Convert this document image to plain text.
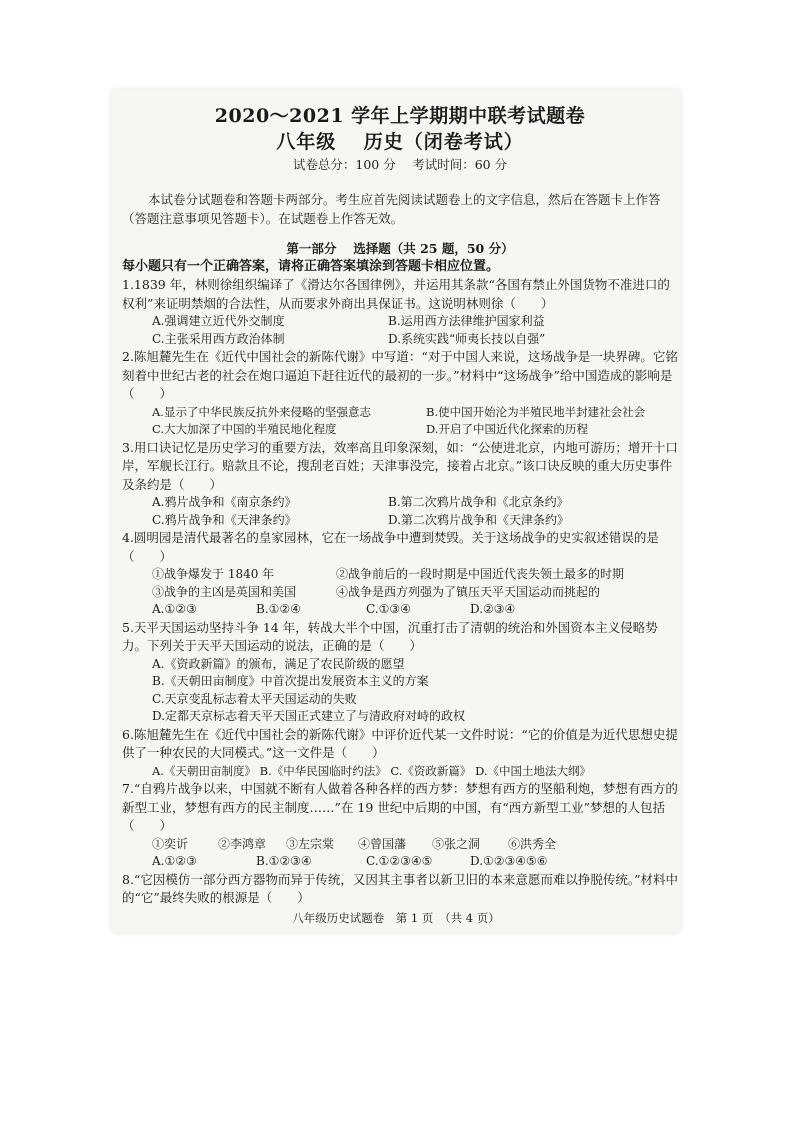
2020～2021 学年上学期期中联考试题卷
八年级　 历史（闭卷考试）
试卷总分：100 分　 考试时间：60 分
本试卷分试题卷和答题卡两部分。考生应首先阅读试题卷上的文字信息，然后在答题卡上作答（答题注意事项见答题卡）。在试题卷上作答无效。
第一部分　 选择题（共 25 题，50 分）
每小题只有一个正确答案，请将正确答案填涂到答题卡相应位置。

1.1839 年，林则徐组织编译了《滑达尔各国律例》，并运用其条款“各国有禁止外国货物不准进口的权利”来证明禁烟的合法性，从而要求外商出具保证书。这说明林则徐（　　）

A.强调建立近代外交制度	B.运用西方法律维护国家利益
C.主张采用西方政治体制	D.系统实践“师夷长技以自强”

2.陈旭麓先生在《近代中国社会的新陈代谢》中写道：“对于中国人来说，这场战争是一块界碑。它铭刻着中世纪古老的社会在炮口逼迫下赶往近代的最初的一步。”材料中“这场战争”给中国造成的影响是（　　）

A.显示了中华民族反抗外来侵略的坚强意志	B.使中国开始沦为半殖民地半封建社会社会
C.大大加深了中国的半殖民地化程度	D.开启了中国近代化探索的历程

3.用口诀记忆是历史学习的重要方法，效率高且印象深刻，如：“公使进北京，内地可游历；增开十口岸，军舰长江行。赔款且不论，搜刮老百姓；天津事没完，接着占北京。”该口诀反映的重大历史事件及条约是（　　）

A.鸦片战争和《南京条约》	B.第二次鸦片战争和《北京条约》
C.鸦片战争和《天津条约》	D.第二次鸦片战争和《天津条约》

4.圆明园是清代最著名的皇家园林，它在一场战争中遭到焚毁。关于这场战争的史实叙述错误的是（　　）

①战争爆发于 1840 年	②战争前后的一段时期是中国近代丧失领土最多的时期
③战争的主凶是英国和美国	④战争是西方列强为了镇压天平天国运动而挑起的
A.①②③	B.①②④	C.①③④	D.②③④

5.天平天国运动坚持斗争 14 年，转战大半个中国，沉重打击了清朝的统治和外国资本主义侵略势力。下列关于天平天国运动的说法，正确的是（　　）

A.《资政新篇》的颁布，满足了农民阶级的愿望
B.《天朝田亩制度》中首次提出发展资本主义的方案
C.天京变乱标志着太平天国运动的失败
D.定都天京标志着天平天国正式建立了与清政府对峙的政权

6.陈旭麓先生在《近代中国社会的新陈代谢》中评价近代某一文件时说：“它的价值是为近代思想史提供了一种农民的大同模式。”这一文件是（　　）

A.《天朝田亩制度》 B.《中华民国临时约法》 C.《资政新篇》 D.《中国土地法大纲》

7.“自鸦片战争以来，中国就不断有人做着各种各样的西方梦：梦想有西方的坚船利炮，梦想有西方的新型工业，梦想有西方的民主制度……”在 19 世纪中后期的中国，有“西方新型工业”梦想的人包括（　　）

①奕䜣	②李鸿章	③左宗棠	④曾国藩	⑤张之洞	⑥洪秀全
A.①②③	B.①②③④	C.①②③④⑤	D.①②③④⑤⑥

8.“它因模仿一部分西方器物而异于传统，又因其主事者以新卫旧的本来意愿而难以挣脱传统。”材料中的“它”最终失败的根源是（　　）

八年级历史试题卷　第 1 页　（共 4 页）
